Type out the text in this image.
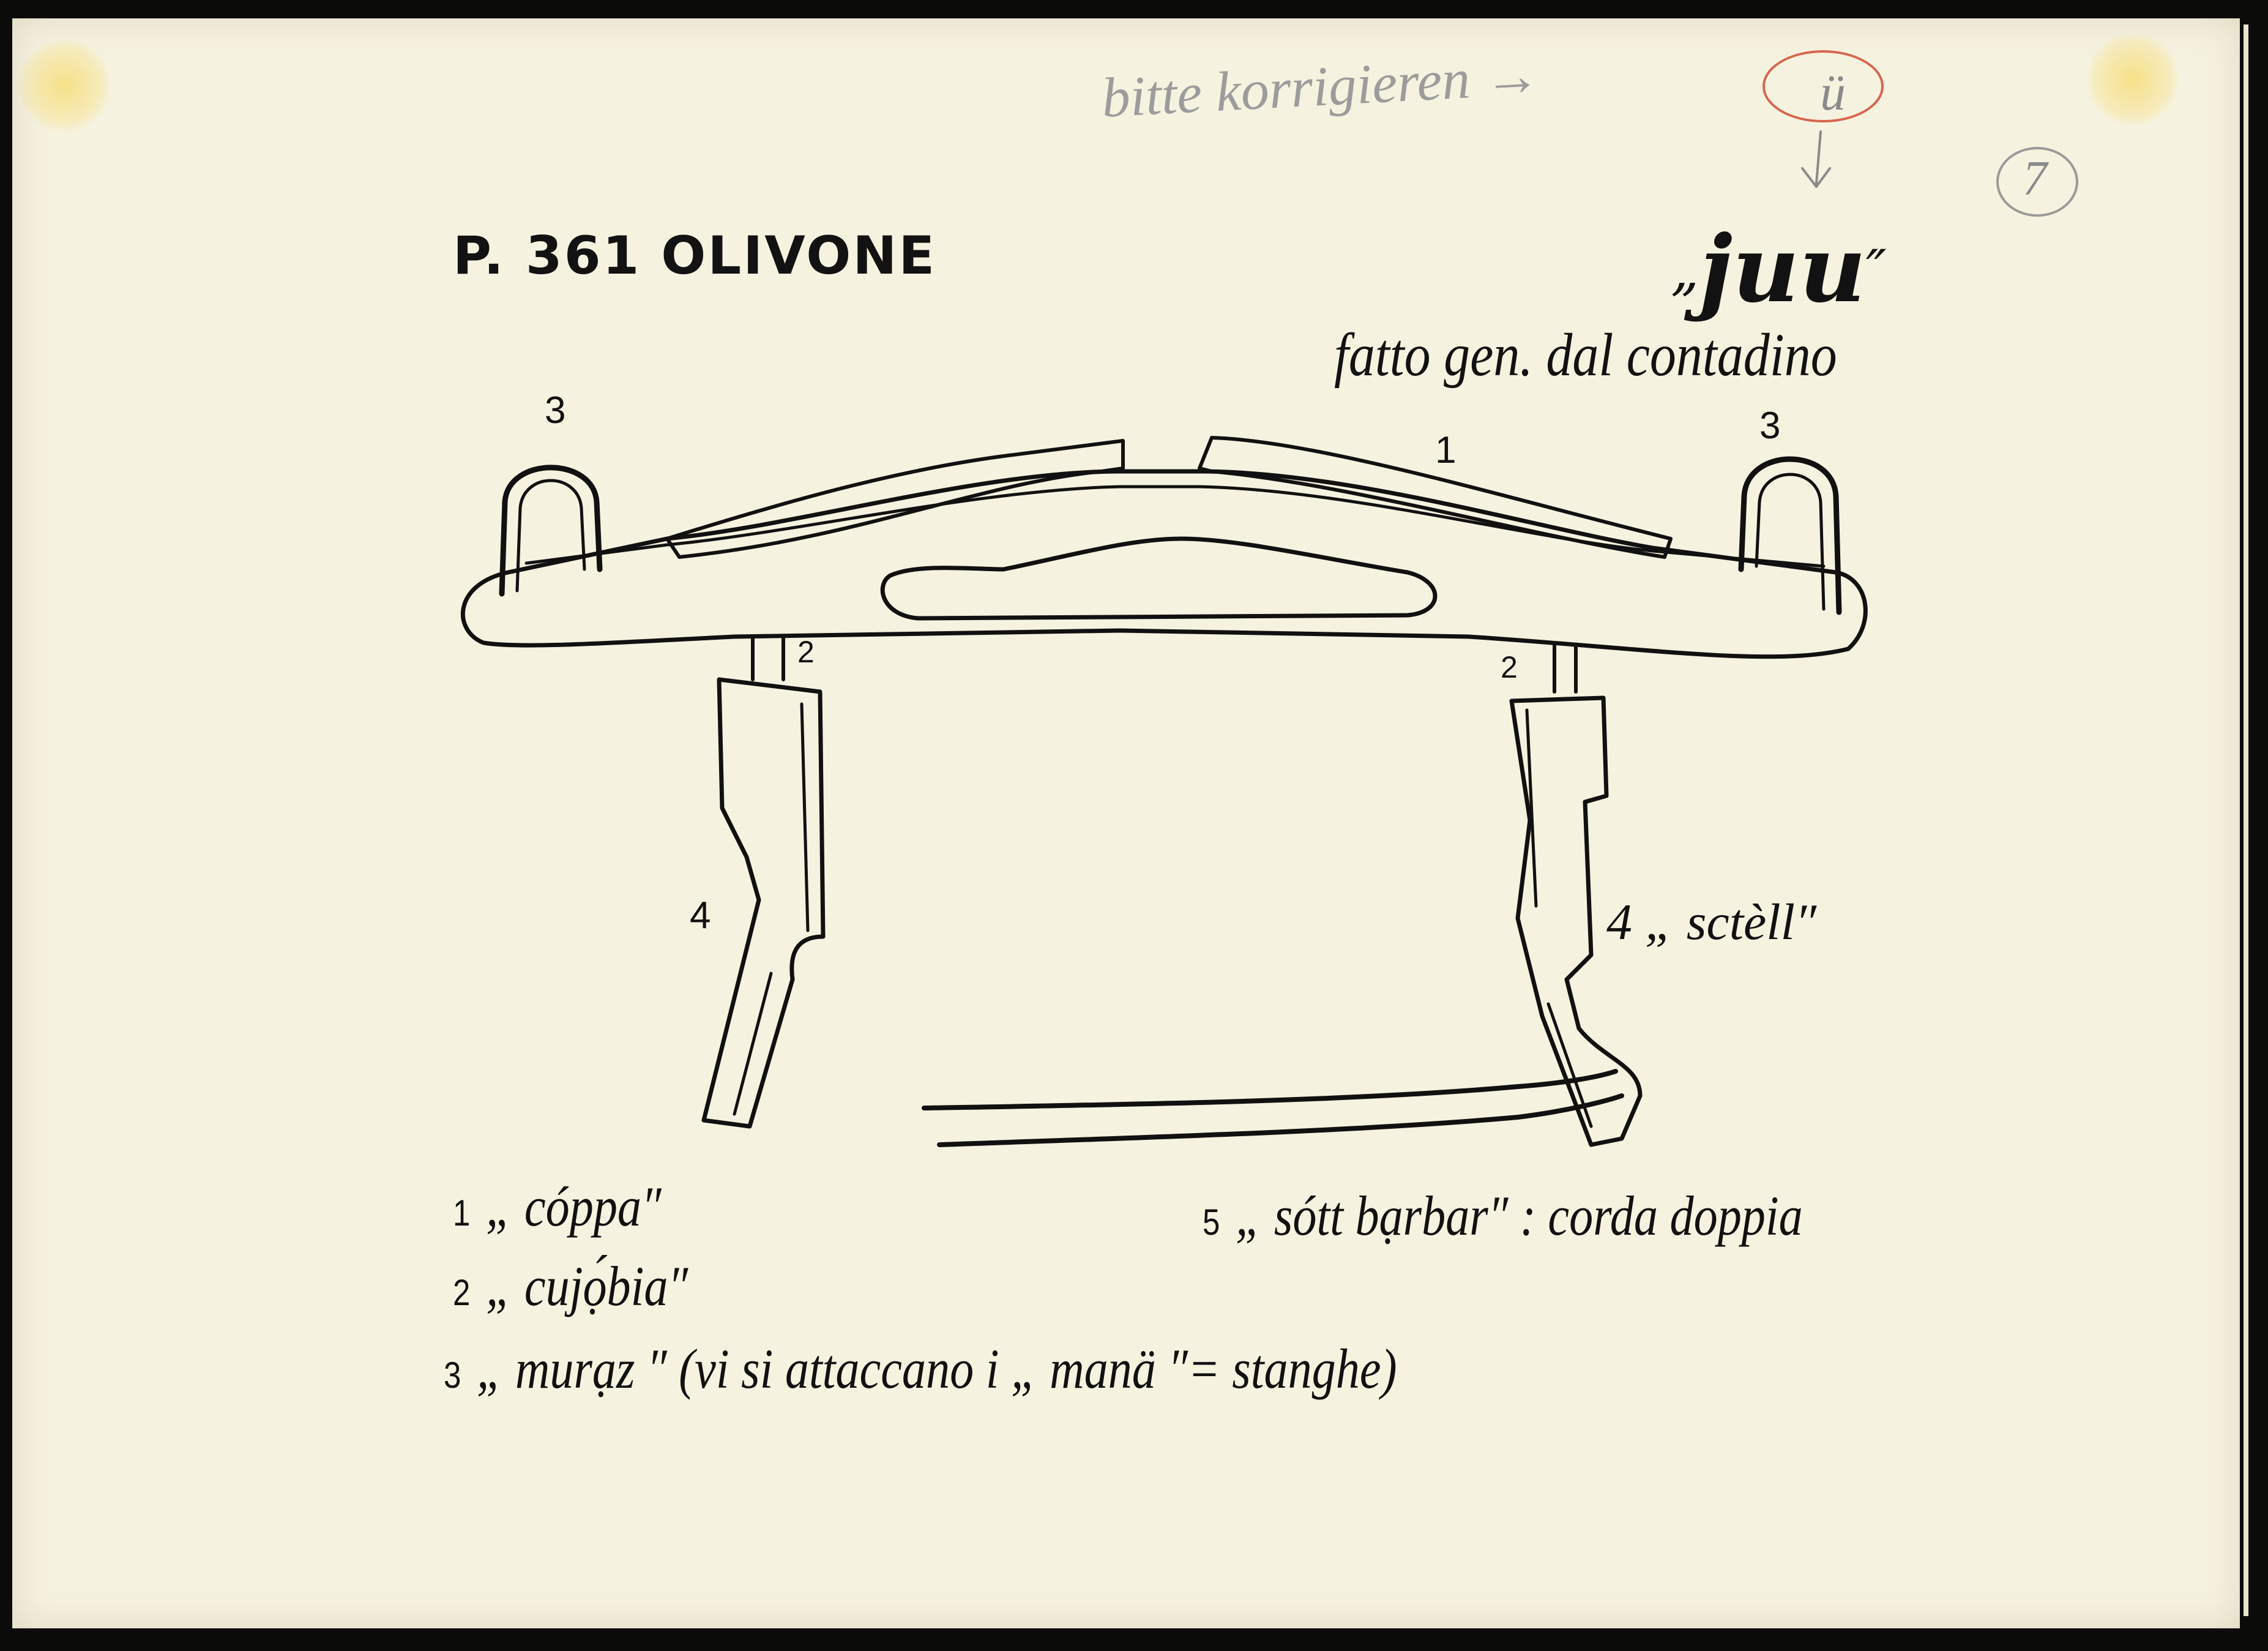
P. 361 OLIVONE	„juu″
fatto gen. dal contadino
bitte korrigieren →	ü
7
3	3
1
2	2
4	4 „ sctèll″
1 „ cóppa″
2 „ cujọ́bia″
3 „ murạz ″ (vi si attaccano i „ manä ″= stanghe)
5 „ sótt bạrbar″ : corda doppia
